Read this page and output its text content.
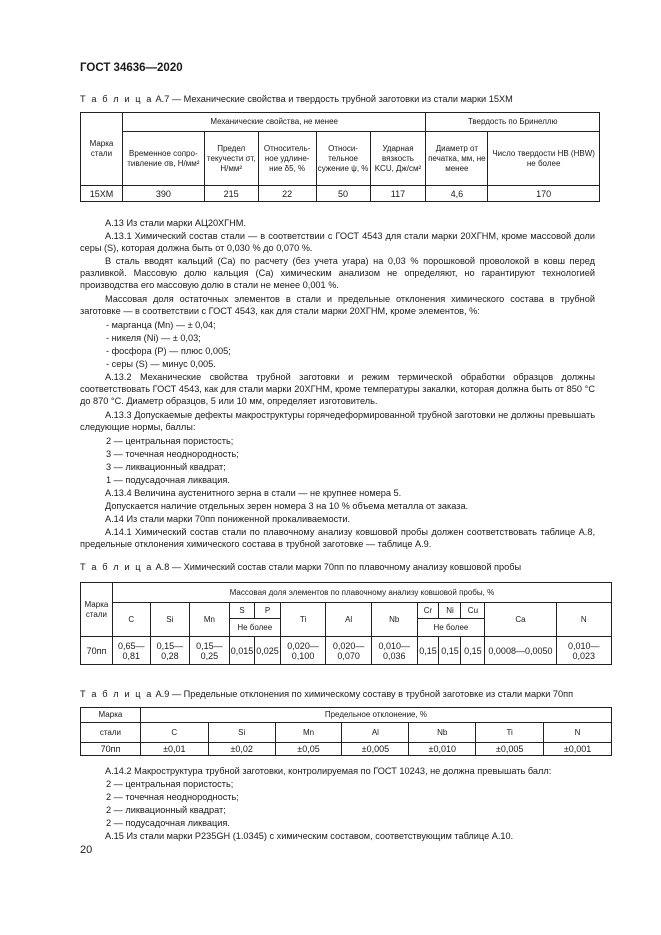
ГОСТ 34636—2020
Т а б л и ц а А.7 — Механические свойства и твердость трубной заготовки из стали марки 15ХМ
Марка стали	Механические свойства, не менее					Твердость по Бринеллю	
	Временное сопро-тивление σв, Н/мм²	Предел текучести σт, Н/мм²	Относитель-ное удлине-ние δ5, %	Относи-тельное сужение ψ, %	Ударная вязкость KCU, Дж/см²	Диаметр от печатка, мм, не менее	Число твердости HB (HBW) не более
15ХМ	390	215	22	50	117	4,6	170

А.13 Из стали марки АЦ20ХГНМ.

А.13.1 Химический состав стали — в соответствии с ГОСТ 4543 для стали марки 20ХГНМ, кроме массовой доли серы (S), которая должна быть от 0,030 % до 0,070 %.

В сталь вводят кальций (Са) по расчету (без учета угара) на 0,03 % порошковой проволокой в ковш перед разливкой. Массовую долю кальция (Са) химическим анализом не определяют, но гарантируют технологией производства его массовую долю в стали не менее 0,001 %.

Массовая доля остаточных элементов в стали и предельные отклонения химического состава в трубной заготовке — в соответствии с ГОСТ 4543, как для стали марки 20ХГНМ, кроме элементов, %:

- марганца (Mn) — ± 0,04;

- никеля (Ni) — ± 0,03;

- фосфора (Р) — плюс 0,005;

- серы (S) — минус 0,005.

А.13.2 Механические свойства трубной заготовки и режим термической обработки образцов должны соответствовать ГОСТ 4543, как для стали марки 20ХГНМ, кроме температуры закалки, которая должна быть от 850 °С до 870 °С. Диаметр образцов, 5 или 10 мм, определяет изготовитель.

А.13.3 Допускаемые дефекты макроструктуры горячедеформированной трубной заготовки не должны превышать следующие нормы, баллы:

2 — центральная пористость;

3 — точечная неоднородность;

3 — ликвационный квадрат;

1 — подусадочная ликвация.

А.13.4 Величина аустенитного зерна в стали — не крупнее номера 5.

Допускается наличие отдельных зерен номера 3 на 10 % объема металла от заказа.

А.14 Из стали марки 70пп пониженной прокаливаемости.

А.14.1 Химический состав стали по плавочному анализу ковшовой пробы должен соответствовать таблице А.8, предельные отклонения химического состава в трубной заготовке — таблице А.9.

Т а б л и ц а А.8 — Химический состав стали марки 70пп по плавочному анализу ковшовой пробы
Марка стали	Массовая доля элементов по плавочному анализу ковшовой пробы, %												
	C	Si	Mn	S	P	Ti	Al	Nb	Cr	Ni	Cu	Ca	N
				Не более					Не более				
70пп	0,65—0,81	0,15—0,28	0,15—0,25	0,015	0,025	0,020—0,100	0,020—0,070	0,010—0,036	0,15	0,15	0,15	0,0008—0,0050	0,010—0,023
Т а б л и ц а А.9 — Предельные отклонения по химическому составу в трубной заготовке из стали марки 70пп
Марка	Предельное отклонение, %						
стали	C	Si	Mn	Al	Nb	Ti	N
70пп	±0,01	±0,02	±0,05	±0,005	±0,010	±0,005	±0,001

А.14.2 Макроструктура трубной заготовки, контролируемая по ГОСТ 10243, не должна превышать балл:

2 — центральная пористость;

2 — точечная неоднородность;

2 — ликвационный квадрат;

2 — подусадочная ликвация.

А.15 Из стали марки P235GH (1.0345) с химическим составом, соответствующим таблице А.10.

20
